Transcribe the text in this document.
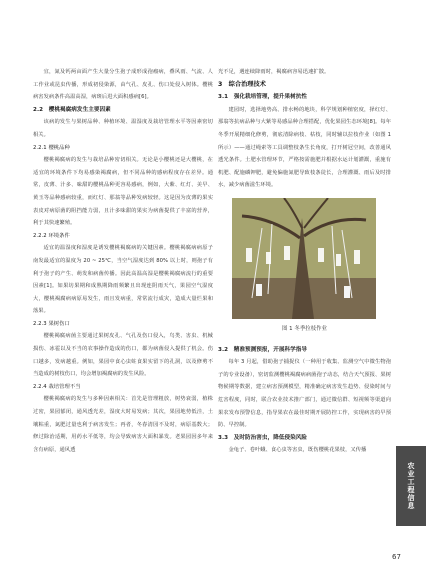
宜，氮及钙两亩面产生大量分生孢子成形成孢瘤病，叠风雨、气流、人工作业或昆虫传播，形成初侵染源，由气孔、皮孔、伤口处侵入树体。樱桃病害发病条件高温高湿，病斑后进大面积感病[6]。

2.2　樱桃褐腐病发生主要因素

该病的发生与果树品种、种植环境、温湿度及栽培管理水平等因素密切相关。

2.2.1 樱桃品种

樱桃褐腐病的发生与栽培品种密切相关。无论是小樱桃还是大樱桃，在适宜的环境条件下均易感染褐腐病，但不同品种的感病程度存在差异。通常，皮薄、汁多、味甜的樱桃品种更容易感病，例如，大紫、红灯、美早、黄玉等品种感病较重，而红灯、那翁等品种发病较轻。这是因为皮薄的果实表皮对病原菌的阻挡能力弱，且汁多味甜的果实为病菌提供了丰富的营养，利于其快速繁殖。

2.2.2 环境条件

适宜的温湿度和湿度是诱发樱桃褐腐病的关键因素。樱桃褐腐病病原子南发最适宜的温度为 20 ~ 25℃，当空气湿度达到 80% 以上时，则孢子有利于孢子的产生、萌发和病菌传播。因此高温高湿是樱桃褐腐病流行的重要因素[1]。如果坊果期和成熟期降雨频繁且出现连阴雨天气，果园空气湿度大，樱桃褐腐病病原易发生，雨且发病重，常常流行成灾，造成大量烂果和落果。

2.2.3 果树伤口

樱桃褐腐病菌主要通过果树皮孔、气孔及伤口侵入，鸟类、害虫、机械损伤、冰雹以及不当的农事操作造成的伤口，都为病菌侵入提供了机会。伤口越多，发病越重。例如，果园中食心虫蛀食果实留下的孔洞，以及修剪不当造成的树枝伤口，均会增加褐腐病的发生风险。

2.2.4 栽培管理不当

樱桃褐腐病的发生与多种因素相关：首先是管理粗放，树势衰弱，植株过密，果园郁闭，通风透光差，湿度大时易发病；其次，果园地势低洼，土壤粘重，氮肥过量也利于病害发生；再者，冬春清园不及时，病原基数大；修过除治适期，用药水平低等，均会导致病害大面积暴发。老果园因多年来含有病原，通风透

光不足，遇连续降雨时，褐腐病容易迅速扩散。

3　综合治理技术

3.1　强化栽培管理，提升果树抗性

建园时，选择地势高、排水畅的地块，科学规划种植密度，择红灯、那翁等抗病品种与大紫等易感品种合理搭配，优化果园生态环境[8]。每年冬季开展精细化修剪，彻底清除病枝、枯枝，同时辅以拉枝作业（如图 1 所示）——通过绳索等工具调整枝条生长角度，打开树冠空间，改善通风透光条件。土肥水管理环节，严格按需施肥并根据水运计划灌溉，重施有机肥、配施磷钾肥，避免偏施氮肥导致枝条徒长，合理灌溉、雨后及时排水，减少病菌滋生环境。

图 1 冬季拉枝作业

3.2　精准预测预报，开展科学指导

每年 3 月起，借助孢子捕捉仪（一种用于收集、监测空气中微生物孢子的专业设备），密切监测樱桃褐腐病病菌孢子动态，结合天气预报、果树物候期等数据，建立病害预测模型，精准确定病害发生趋势、侵染时间与危害程度，同时，联合农业技术推广部门，通过微信群、短视频等渠道向果农发布预警信息，指导果农在最佳时期开展防控工作，实现病害的早预防、早控制。

3.3　及时防治害虫，降低侵染风险

金龟子、卷叶蛾、食心虫等害虫，既伤樱桃花果枝，又传播

农业工程信息
67
